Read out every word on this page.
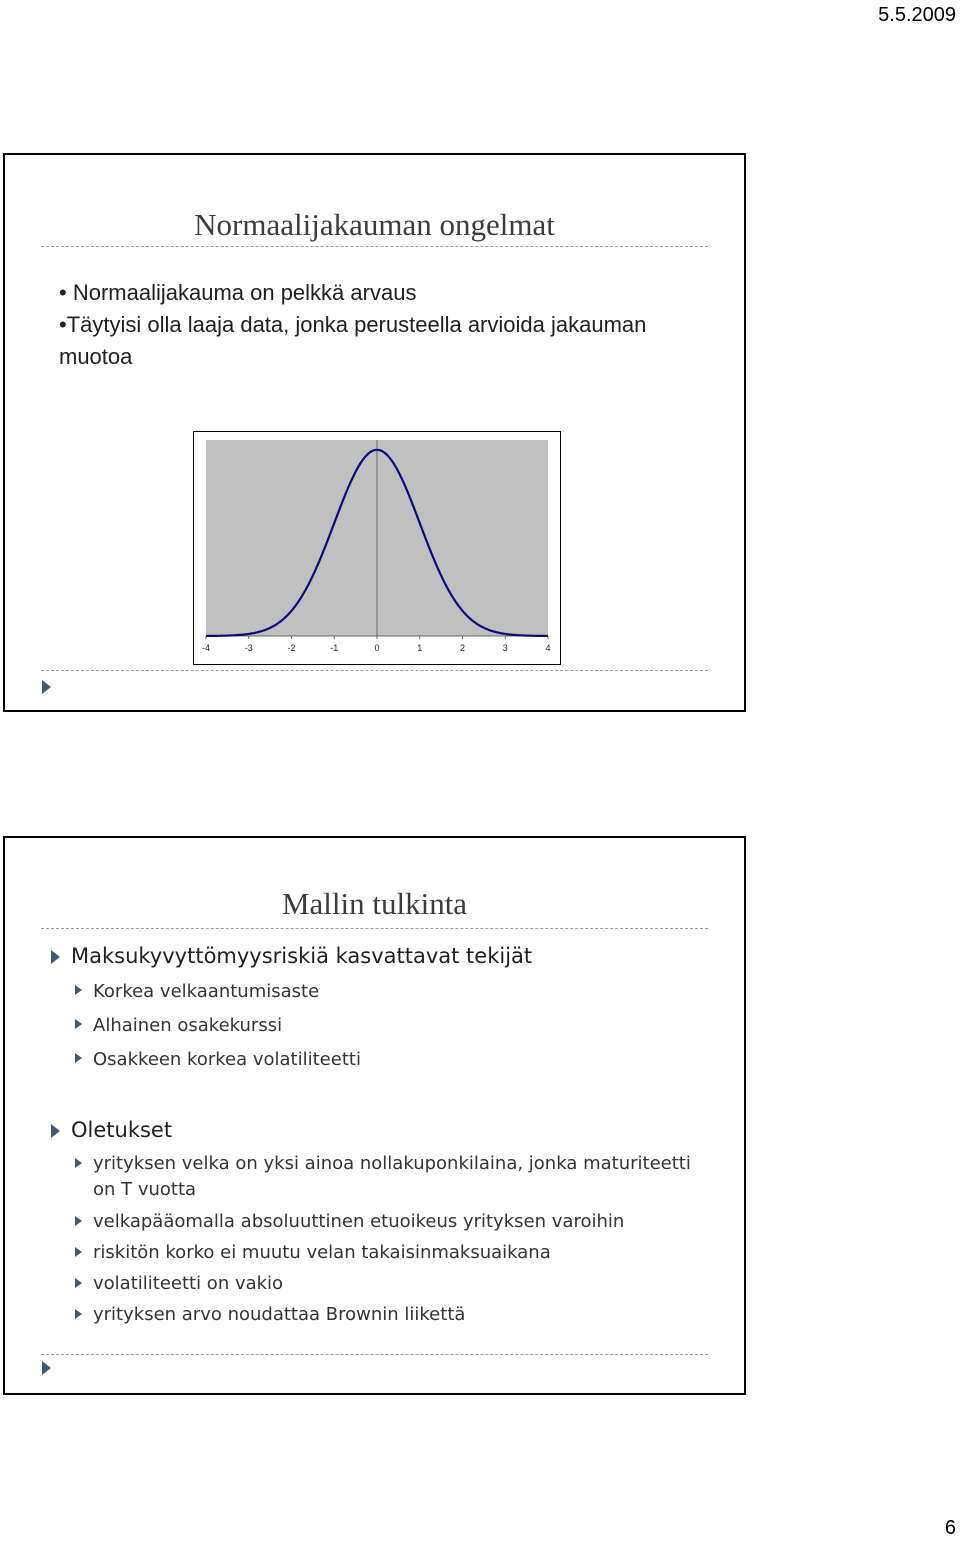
5.5.2009
Normaalijakauman ongelmat
• Normaalijakauma on pelkkä arvaus
•Täytyisi olla laaja data, jonka perusteella arvioida jakauman muotoa
-4	-3	-2	-1	0	1	2	3	4
Mallin tulkinta
Maksukyvyttömyysriskiä kasvattavat tekijät
Korkea velkaantumisaste
Alhainen osakekurssi
Osakkeen korkea volatiliteetti
Oletukset
yrityksen velka on yksi ainoa nollakuponkilaina, jonka maturiteetti on T vuotta
velkapääomalla absoluuttinen etuoikeus yrityksen varoihin
riskitön korko ei muutu velan takaisinmaksuaikana
volatiliteetti on vakio
yrityksen arvo noudattaa Brownin liikettä
6
